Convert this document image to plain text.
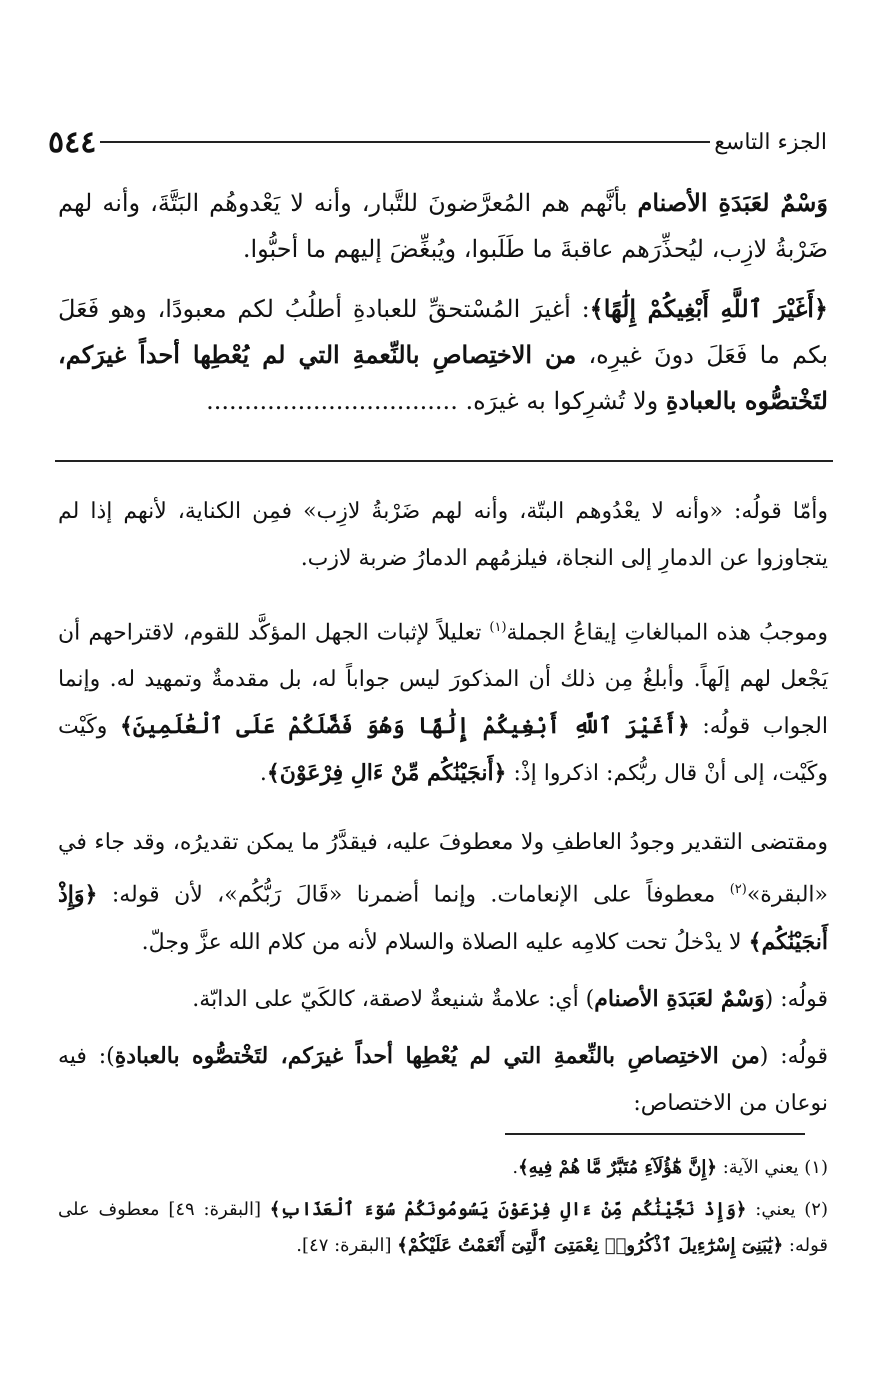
الجزء التاسع
٥٤٤

وَسْمٌ لعَبَدَةِ الأصنام بأنَّهم هم المُعرَّضونَ للتَّبار، وأنه لا يَعْدوهُم البَتَّةَ، وأنه لهم ضَرْبةُ لازِب، ليُحذِّرَهم عاقبةَ ما طَلَبوا، ويُبغِّضَ إليهم ما أحبُّوا.

﴿أَغَيْرَ ٱللَّهِ أَبْغِيكُمْ إِلَٰهًا﴾: أغيرَ المُسْتحقِّ للعبادةِ أطلُبُ لكم معبودًا، وهو فَعَلَ بكم ما فَعَلَ دونَ غيرِه، من الاختِصاصِ بالنِّعمةِ التي لم يُعْطِها أحداً غيرَكم، لتَخْتصُّوه بالعبادةِ ولا تُشرِكوا به غيرَه. .................................

وأمّا قولُه: «وأنه لا يعْدُوهم البتّة، وأنه لهم ضَرْبةُ لازِب» فمِن الكناية، لأنهم إذا لم يتجاوزوا عن الدمارِ إلى النجاة، فيلزمُهم الدمارُ ضربة لازب.

وموجبُ هذه المبالغاتِ إيقاعُ الجملة$^{(١)}$ تعليلاً لإثبات الجهل المؤكَّد للقوم، لاقتراحهم أن يَجْعل لهم إلَهاً. وأبلغُ مِن ذلك أن المذكورَ ليس جواباً له، بل مقدمةٌ وتمهيد له. وإنما الجواب قولُه: ﴿أَغَيْرَ ٱللَّهِ أَبْغِيكُمْ إِلَٰهًا وَهُوَ فَضَّلَكُمْ عَلَى ٱلْعَٰلَمِينَ﴾ وكَيْت وكَيْت، إلى أنْ قال ربُّكم: اذكروا إذْ: ﴿أَنجَيْنَٰكُم مِّنْ ءَالِ فِرْعَوْنَ﴾.

ومقتضى التقدير وجودُ العاطفِ ولا معطوفَ عليه، فيقدَّرُ ما يمكن تقديرُه، وقد جاء في «البقرة»$^{(٢)}$ معطوفاً على الإنعامات. وإنما أضمرنا «قَالَ رَبُّكُم»، لأن قوله: ﴿وَإِذْ أَنجَيْنَٰكُم﴾ لا يدْخلُ تحت كلامِه عليه الصلاة والسلام لأنه من كلام الله عزَّ وجلّ.

قولُه: (وَسْمٌ لعَبَدَةِ الأصنام) أي: علامةٌ شنيعةٌ لاصقة، كالكَيّ على الدابّة.

قولُه: (من الاختِصاصِ بالنِّعمةِ التي لم يُعْطِها أحداً غيرَكم، لتَخْتصُّوه بالعبادةِ): فيه نوعان من الاختصاص:

(١) يعني الآية: ﴿إِنَّ هَٰٓؤُلَآءِ مُتَبَّرٌ مَّا هُمْ فِيهِ﴾.

(٢) يعني: ﴿وَإِذْ نَجَّيْنَٰكُم مِّنْ ءَالِ فِرْعَوْنَ يَسُومُونَكُمْ سُوٓءَ ٱلْعَذَابِ﴾ [البقرة: ٤٩] معطوف على قوله: ﴿يَٰبَنِىٓ إِسْرَٰٓءِيلَ ٱذْكُرُوا۟ نِعْمَتِىَ ٱلَّتِىٓ أَنْعَمْتُ عَلَيْكُمْ﴾ [البقرة: ٤٧].
